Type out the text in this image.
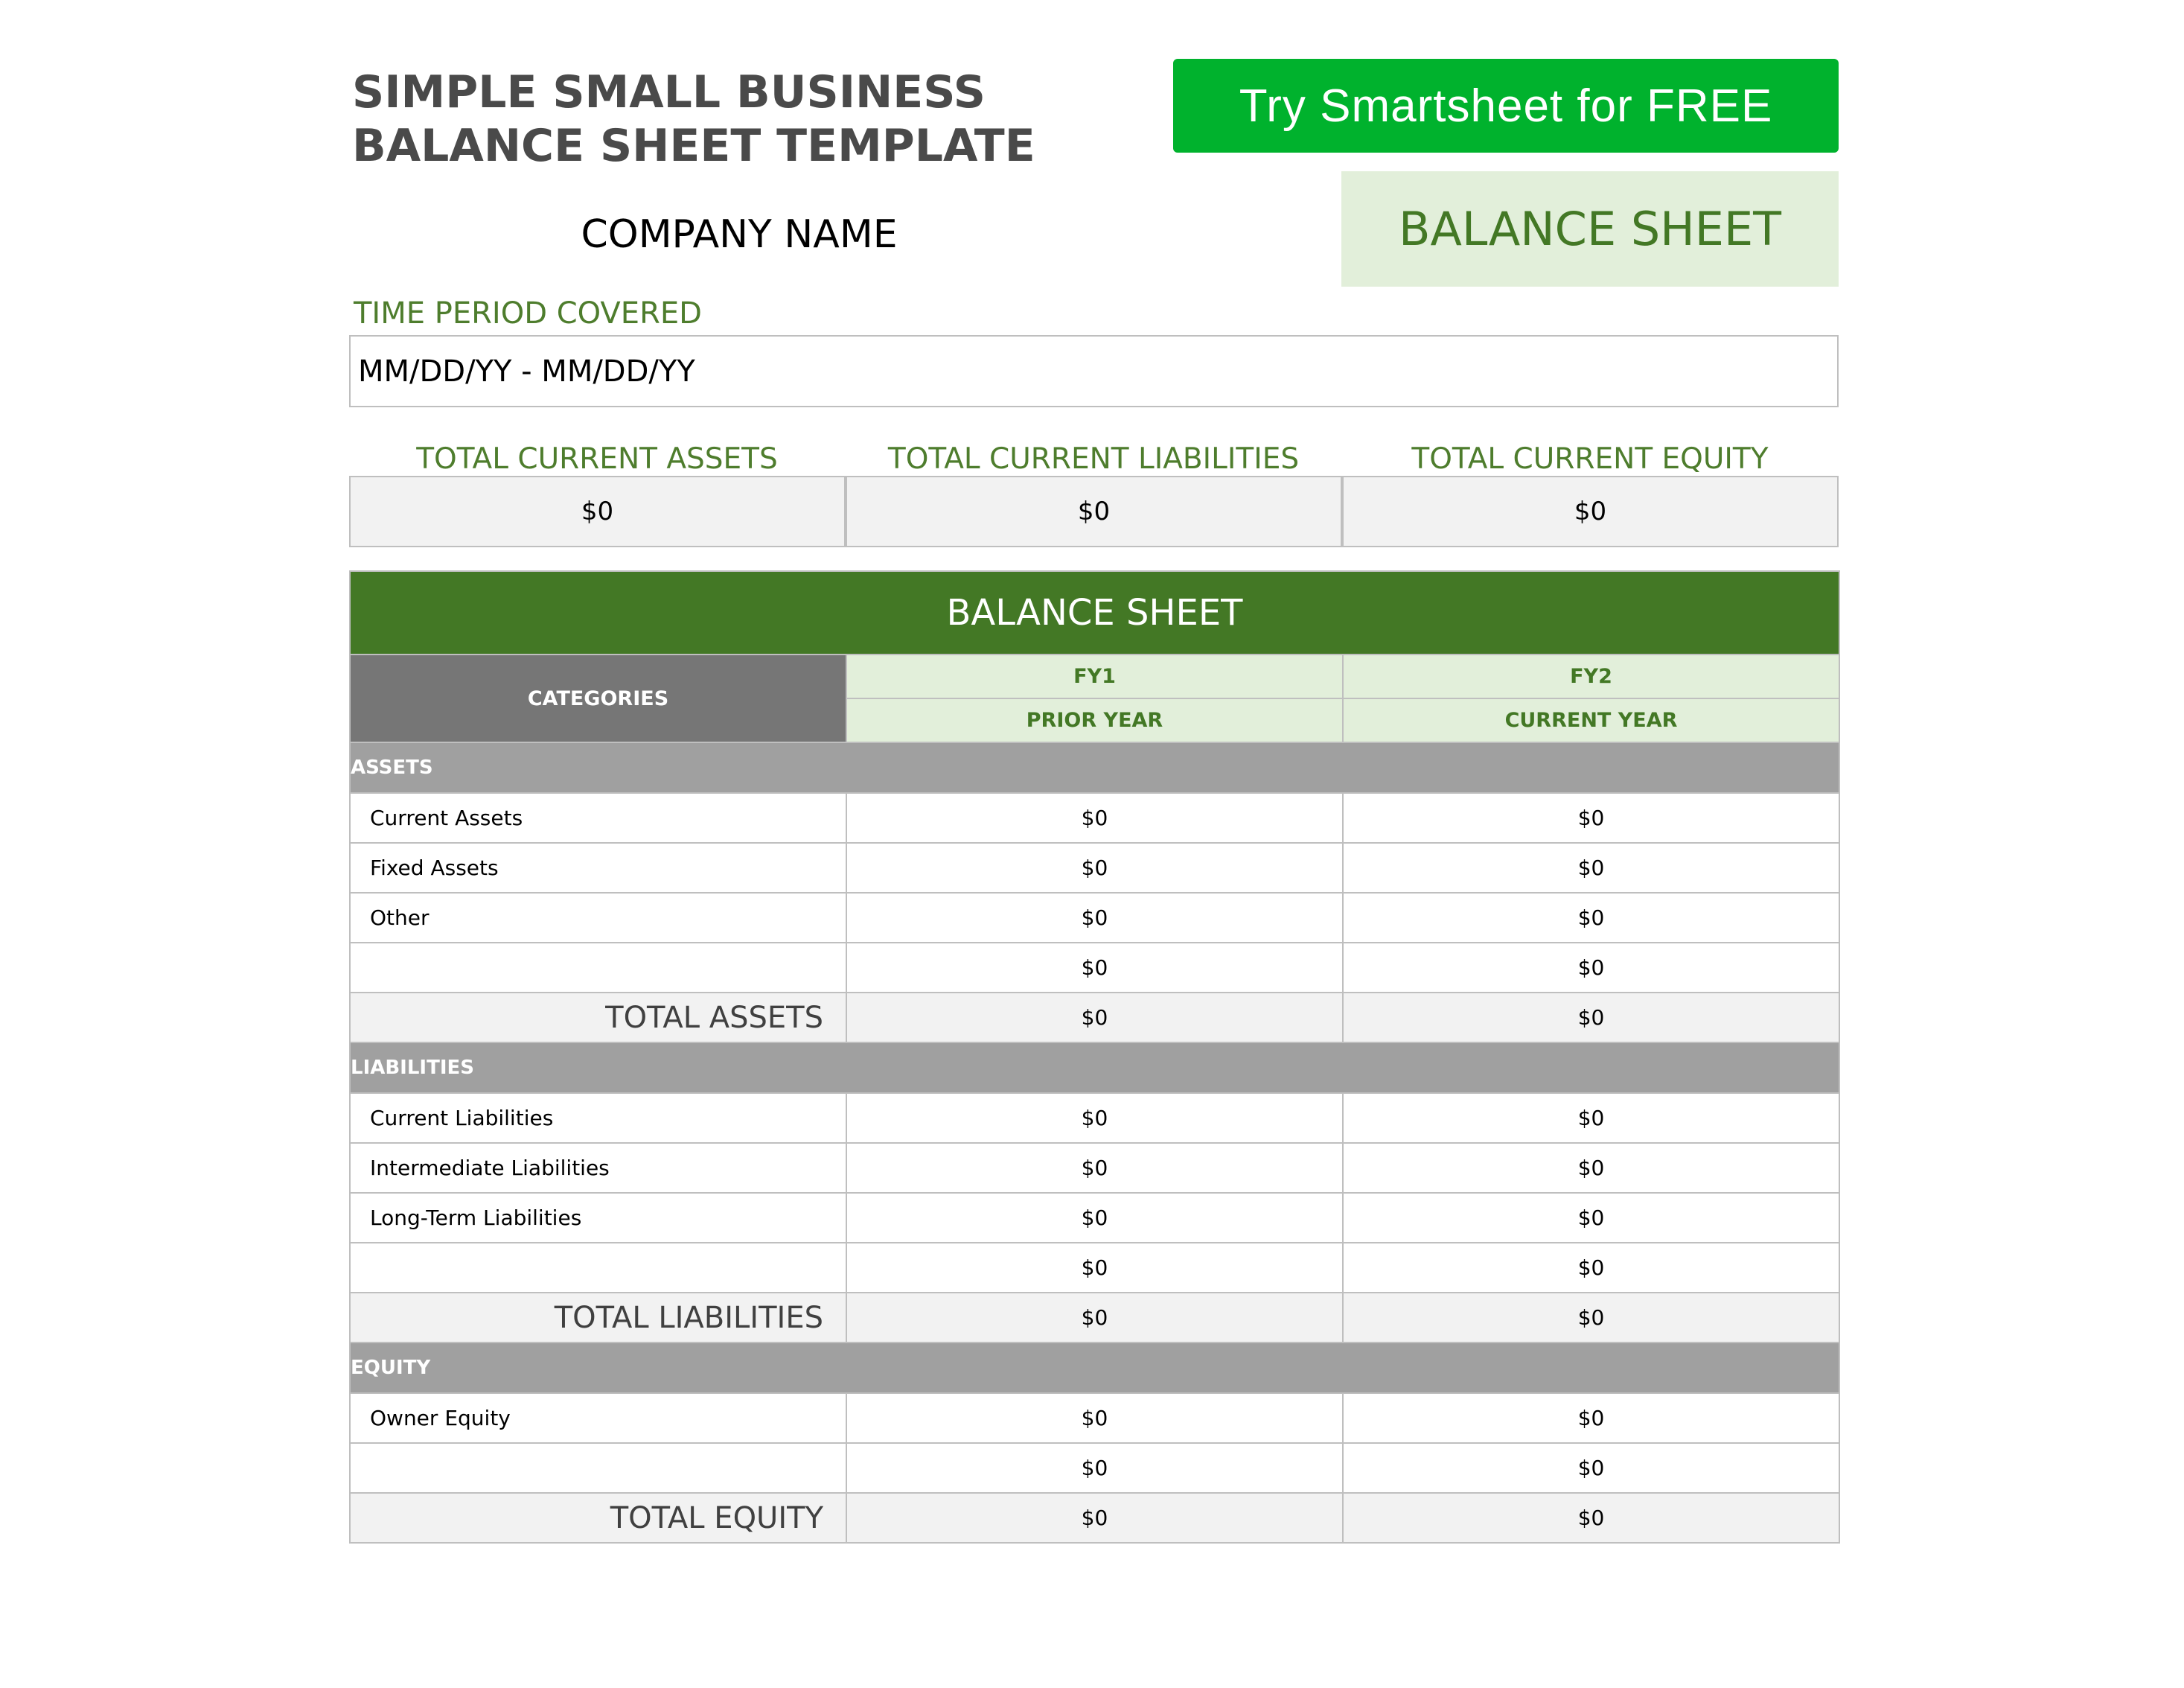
SIMPLE SMALL BUSINESS
BALANCE SHEET TEMPLATE
Try Smartsheet for FREE
COMPANY NAME	BALANCE SHEET
TIME PERIOD COVERED
MM/DD/YY - MM/DD/YY
TOTAL CURRENT ASSETS	TOTAL CURRENT LIABILITIES	TOTAL CURRENT EQUITY
$0	$0	$0
BALANCE SHEET		
CATEGORIES	FY1	FY2
	PRIOR YEAR	CURRENT YEAR
ASSETS		
Current Assets	$0	$0
Fixed Assets	$0	$0
Other	$0	$0
	$0	$0
TOTAL ASSETS	$0	$0
LIABILITIES		
Current Liabilities	$0	$0
Intermediate Liabilities	$0	$0
Long-Term Liabilities	$0	$0
	$0	$0
TOTAL LIABILITIES	$0	$0
EQUITY		
Owner Equity	$0	$0
	$0	$0
TOTAL EQUITY	$0	$0
